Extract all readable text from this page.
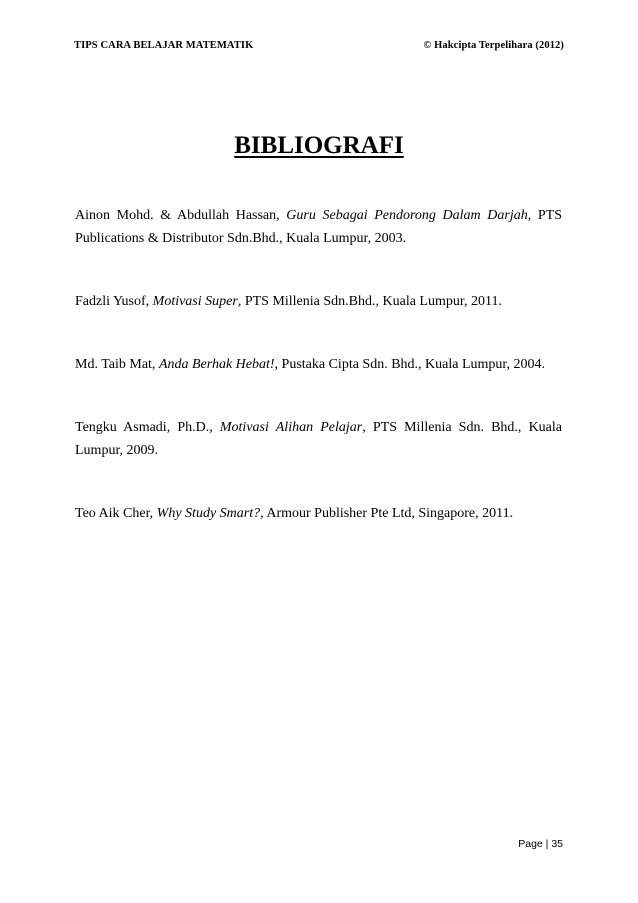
TIPS CARA BELAJAR MATEMATIK	© Hakcipta Terpelihara (2012)
BIBLIOGRAFI

Ainon Mohd. & Abdullah Hassan, Guru Sebagai Pendorong Dalam Darjah, PTS Publications & Distributor Sdn.Bhd., Kuala Lumpur, 2003.

Fadzli Yusof, Motivasi Super, PTS Millenia Sdn.Bhd., Kuala Lumpur, 2011.

Md. Taib Mat, Anda Berhak Hebat!, Pustaka Cipta Sdn. Bhd., Kuala Lumpur, 2004.

Tengku Asmadi, Ph.D., Motivasi Alihan Pelajar, PTS Millenia Sdn. Bhd., Kuala Lumpur, 2009.

Teo Aik Cher, Why Study Smart?, Armour Publisher Pte Ltd, Singapore, 2011.

Page | 35
